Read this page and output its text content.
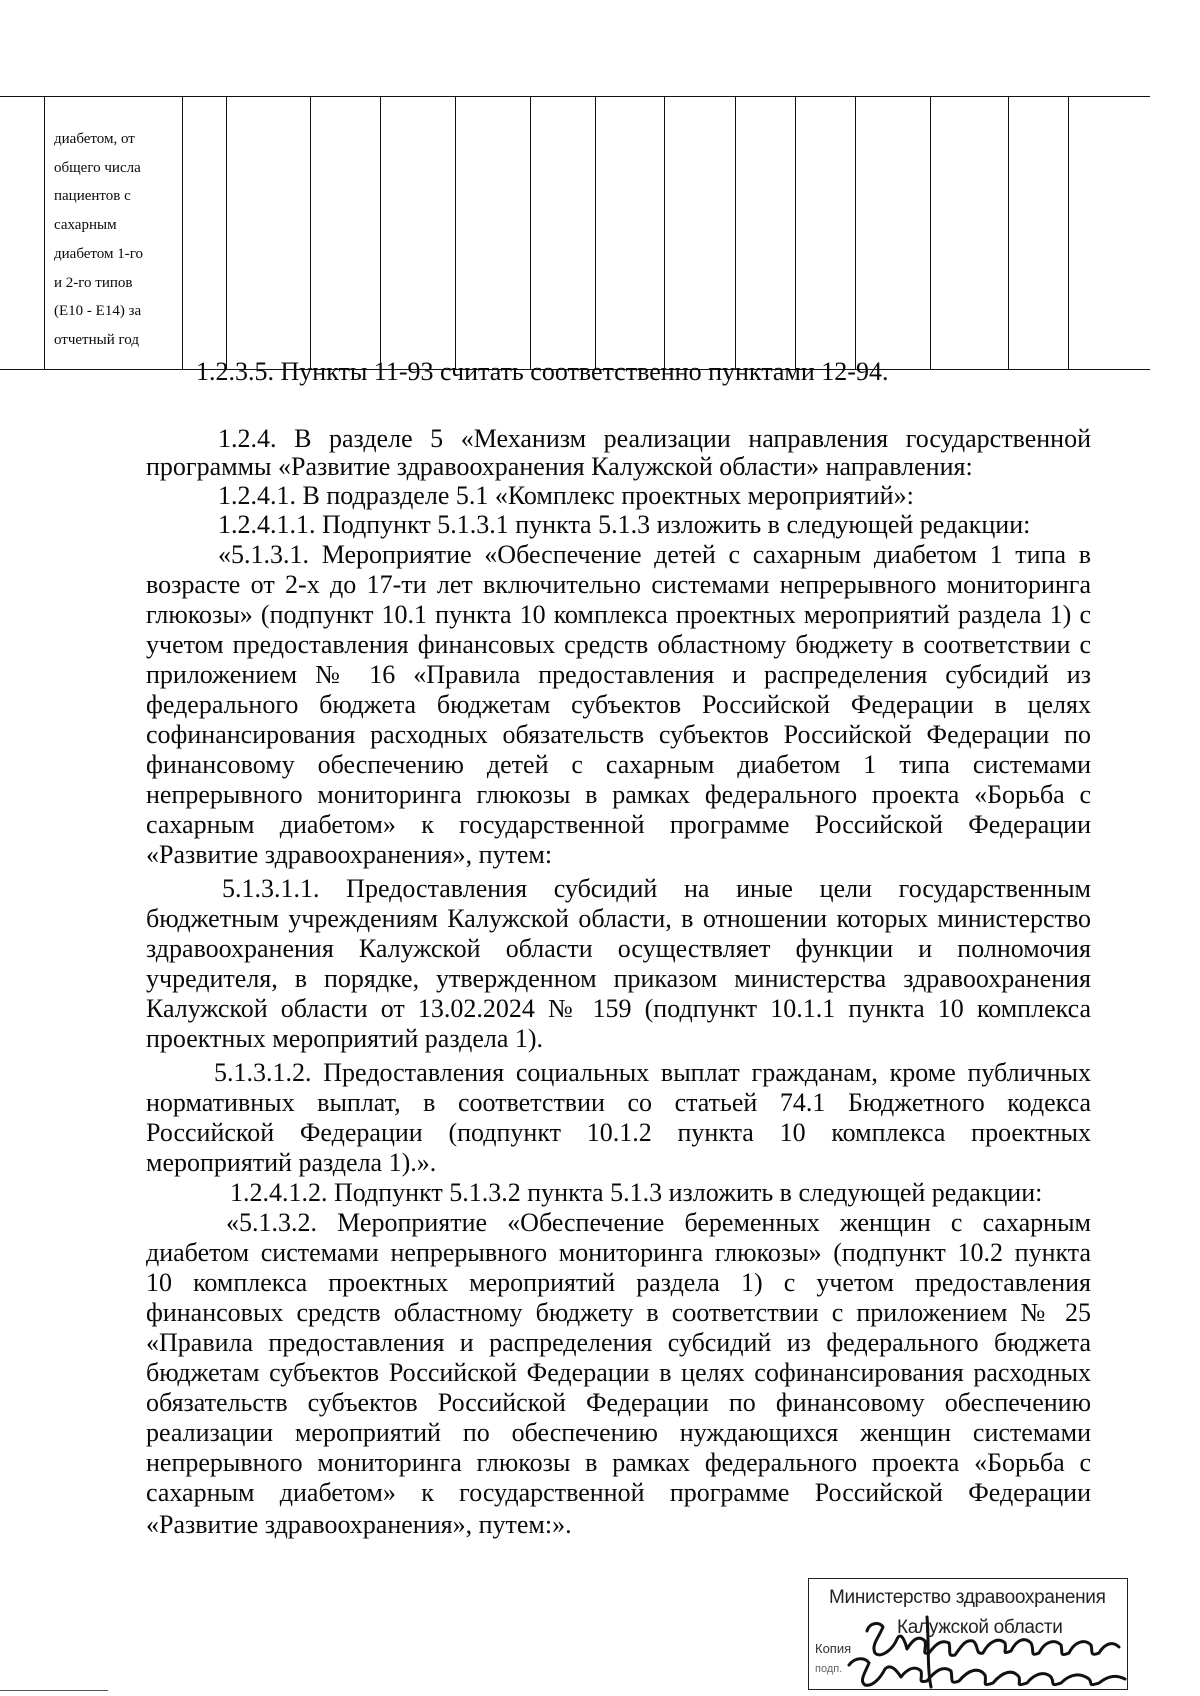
диабетом, от
общего числа
пациентов с
сахарным
диабетом 1-го
и 2-го типов
(E10 - E14) за
отчетный год
1.2.3.5. Пункты 11-93 считать соответственно пунктами 12-94.
1.2.4. В разделе 5 «Механизм реализации направления государственной
программы «Развитие здравоохранения Калужской области» направления:
1.2.4.1. В подразделе 5.1 «Комплекс проектных мероприятий»:
1.2.4.1.1. Подпункт 5.1.3.1 пункта 5.1.3 изложить в следующей редакции:
«5.1.3.1. Мероприятие «Обеспечение детей с сахарным диабетом 1 типа в
возрасте от 2-х до 17-ти лет включительно системами непрерывного мониторинга
глюкозы» (подпункт 10.1 пункта 10 комплекса проектных мероприятий раздела 1) с
учетом предоставления финансовых средств областному бюджету в соответствии с
приложением № 16 «Правила предоставления и распределения субсидий из
федерального бюджета бюджетам субъектов Российской Федерации в целях
софинансирования расходных обязательств субъектов Российской Федерации по
финансовому обеспечению детей с сахарным диабетом 1 типа системами
непрерывного мониторинга глюкозы в рамках федерального проекта «Борьба с
сахарным диабетом» к государственной программе Российской Федерации
«Развитие здравоохранения», путем:
5.1.3.1.1. Предоставления субсидий на иные цели государственным
бюджетным учреждениям Калужской области, в отношении которых министерство
здравоохранения Калужской области осуществляет функции и полномочия
учредителя, в порядке, утвержденном приказом министерства здравоохранения
Калужской области от 13.02.2024 № 159 (подпункт 10.1.1 пункта 10 комплекса
проектных мероприятий раздела 1).
5.1.3.1.2. Предоставления социальных выплат гражданам, кроме публичных
нормативных выплат, в соответствии со статьей 74.1 Бюджетного кодекса
Российской Федерации (подпункт 10.1.2 пункта 10 комплекса проектных
мероприятий раздела 1).».
1.2.4.1.2. Подпункт 5.1.3.2 пункта 5.1.3 изложить в следующей редакции:
«5.1.3.2. Мероприятие «Обеспечение беременных женщин с сахарным
диабетом системами непрерывного мониторинга глюкозы» (подпункт 10.2 пункта
10 комплекса проектных мероприятий раздела 1) с учетом предоставления
финансовых средств областному бюджету в соответствии с приложением № 25
«Правила предоставления и распределения субсидий из федерального бюджета
бюджетам субъектов Российской Федерации в целях софинансирования расходных
обязательств субъектов Российской Федерации по финансовому обеспечению
реализации мероприятий по обеспечению нуждающихся женщин системами
непрерывного мониторинга глюкозы в рамках федерального проекта «Борьба с
сахарным диабетом» к государственной программе Российской Федерации
«Развитие здравоохранения», путем:».
Министерство здравоохранения
Калужской области
Копия
подп.
